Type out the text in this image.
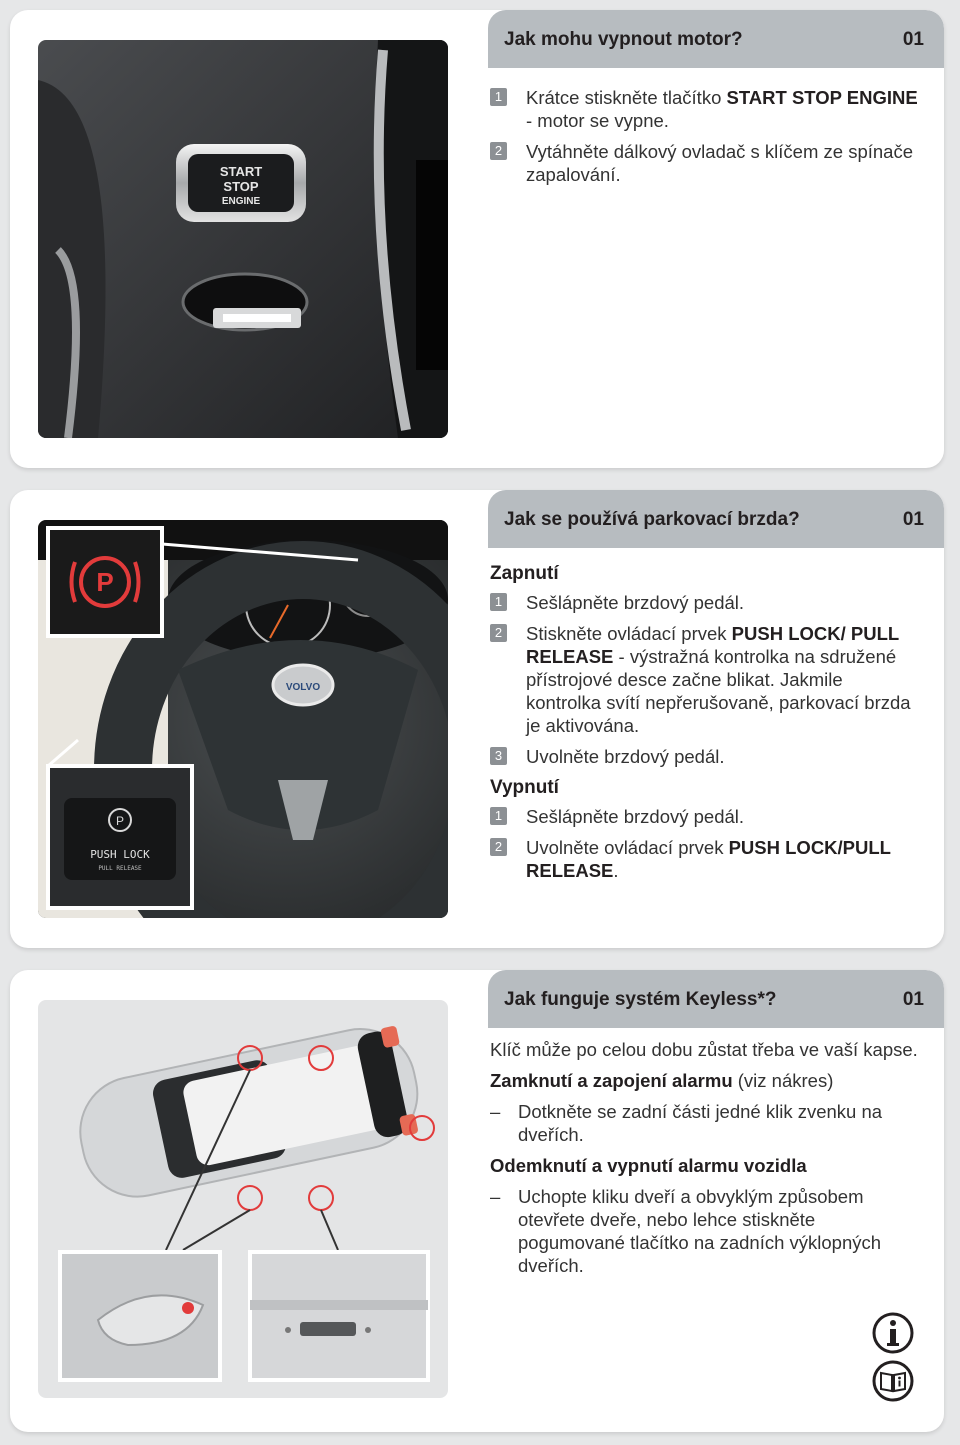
START
STOP
ENGINE
Jak mohu vypnout motor?	01
1 Krátce stiskněte tlačítko START STOP ENGINE - motor se vypne.
2 Vytáhněte dálkový ovladač s klíčem ze spínače zapalování.
VOLVO
P
P
PUSH LOCK
PULL RELEASE
Jak se používá parkovací brzda?	01
Zapnutí
1 Sešlápněte brzdový pedál.
2 Stiskněte ovládací prvek PUSH LOCK/ PULL RELEASE - výstražná kontrolka na sdružené přístrojové desce začne blikat. Jakmile kontrolka svítí nepřerušovaně, parkovací brzda je aktivována.
3 Uvolněte brzdový pedál.
Vypnutí
1 Sešlápněte brzdový pedál.
2 Uvolněte ovládací prvek PUSH LOCK/PULL RELEASE.
Jak funguje systém Keyless*?	01
Klíč může po celou dobu zůstat třeba ve vaší kapse.
Zamknutí a zapojení alarmu (viz nákres)
– Dotkněte se zadní části jedné klik zvenku na dveřích.
Odemknutí a vypnutí alarmu vozidla
– Uchopte kliku dveří a obvyklým způsobem otevřete dveře, nebo lehce stiskněte pogumované tlačítko na zadních výklopných dveřích.
